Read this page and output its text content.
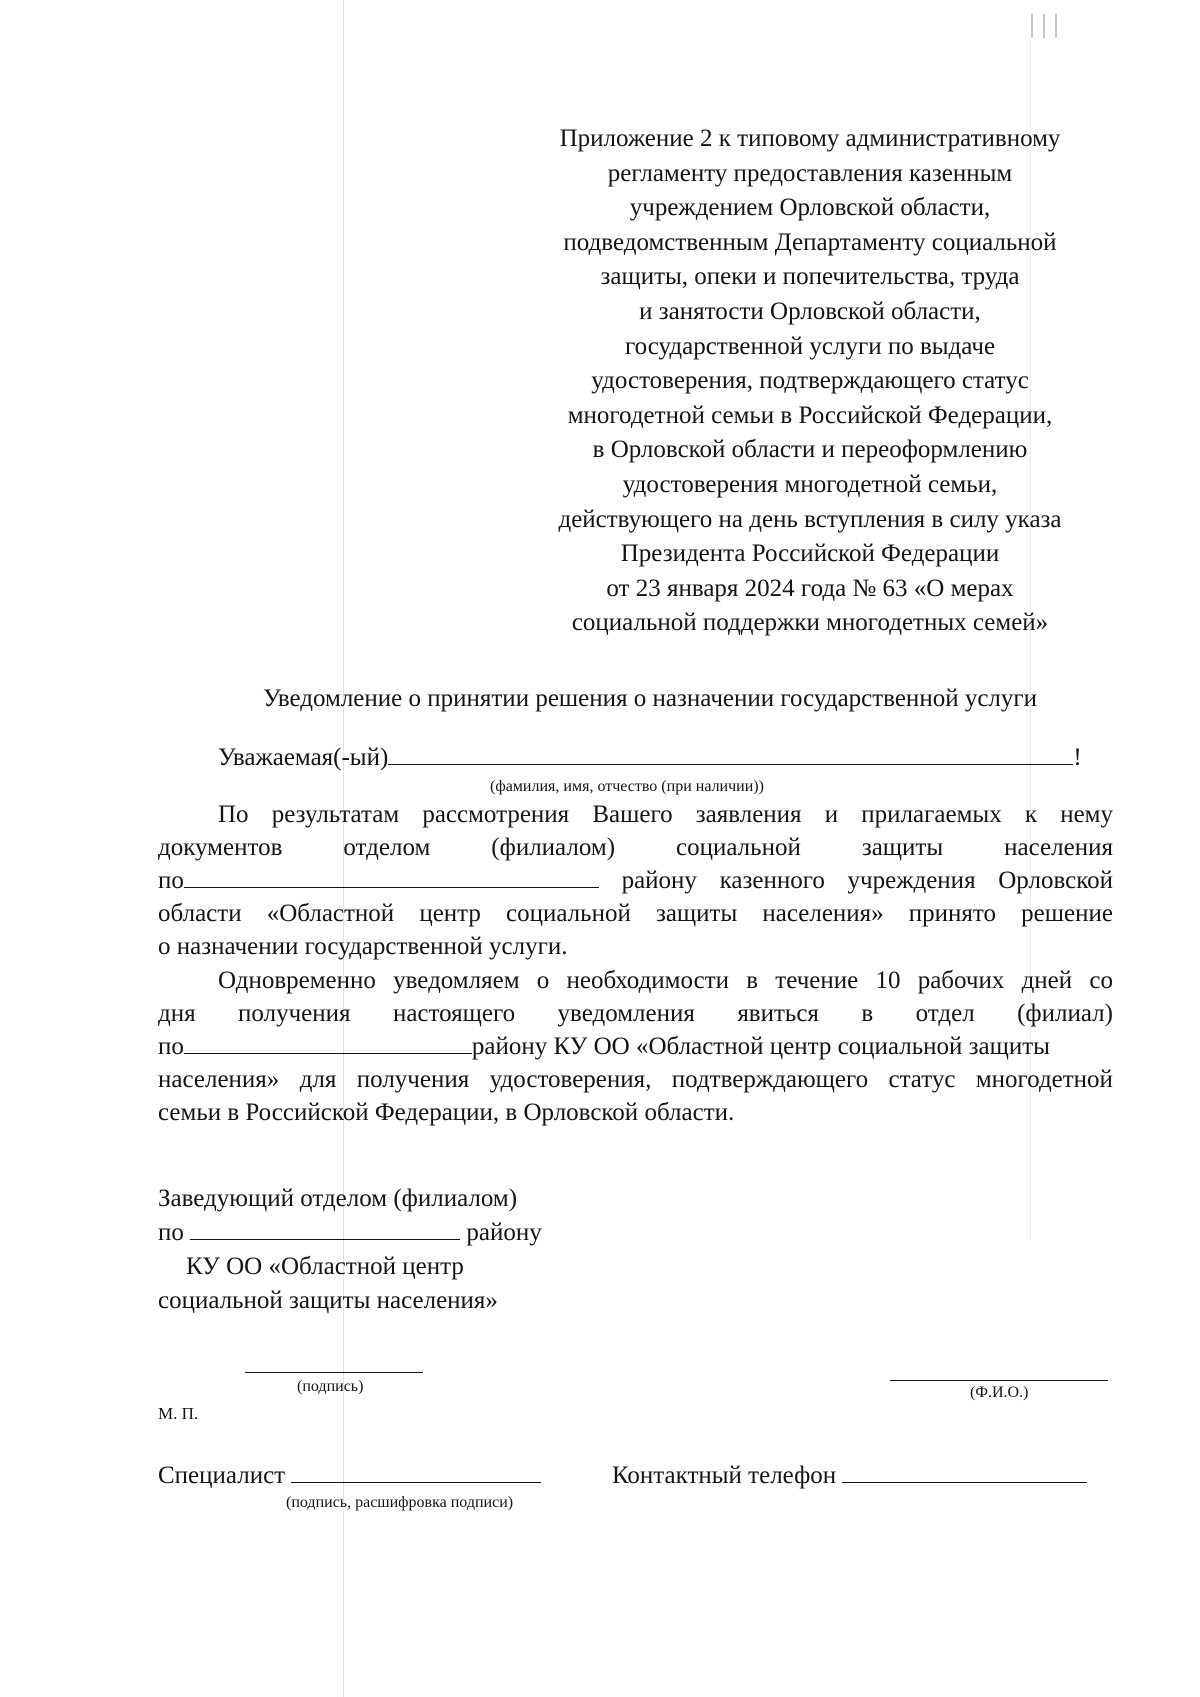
Приложение 2 к типовому административному
регламенту предоставления казенным
учреждением Орловской области,
подведомственным Департаменту социальной
защиты, опеки и попечительства, труда
и занятости Орловской области,
государственной услуги по выдаче
удостоверения, подтверждающего статус
многодетной семьи в Российской Федерации,
в Орловской области и переоформлению
удостоверения многодетной семьи,
действующего на день вступления в силу указа
Президента Российской Федерации
от 23 января 2024 года № 63 «О мерах
социальной поддержки многодетных семей»
Уведомление о принятии решения о назначении государственной услуги
Уважаемая(-ый)	!
(фамилия, имя, отчество (при наличии))
По результатам рассмотрения Вашего заявления и прилагаемых к нему
документов отделом (филиалом) социальной защиты населения
по	району казенного учреждения Орловской
области «Областной центр социальной защиты населения» принято решение
о назначении государственной услуги.
Одновременно уведомляем о необходимости в течение 10 рабочих дней со
дня получения настоящего уведомления явиться в отдел (филиал)
по	району КУ ОО «Областной центр социальной защиты
населения» для получения удостоверения, подтверждающего статус многодетной
семьи в Российской Федерации, в Орловской области.
Заведующий отделом (филиалом)
по	району
КУ ОО «Областной центр
социальной защиты населения»
(подпись)	(Ф.И.О.)
М. П.
Специалист
(подпись, расшифровка подписи)
Контактный телефон
